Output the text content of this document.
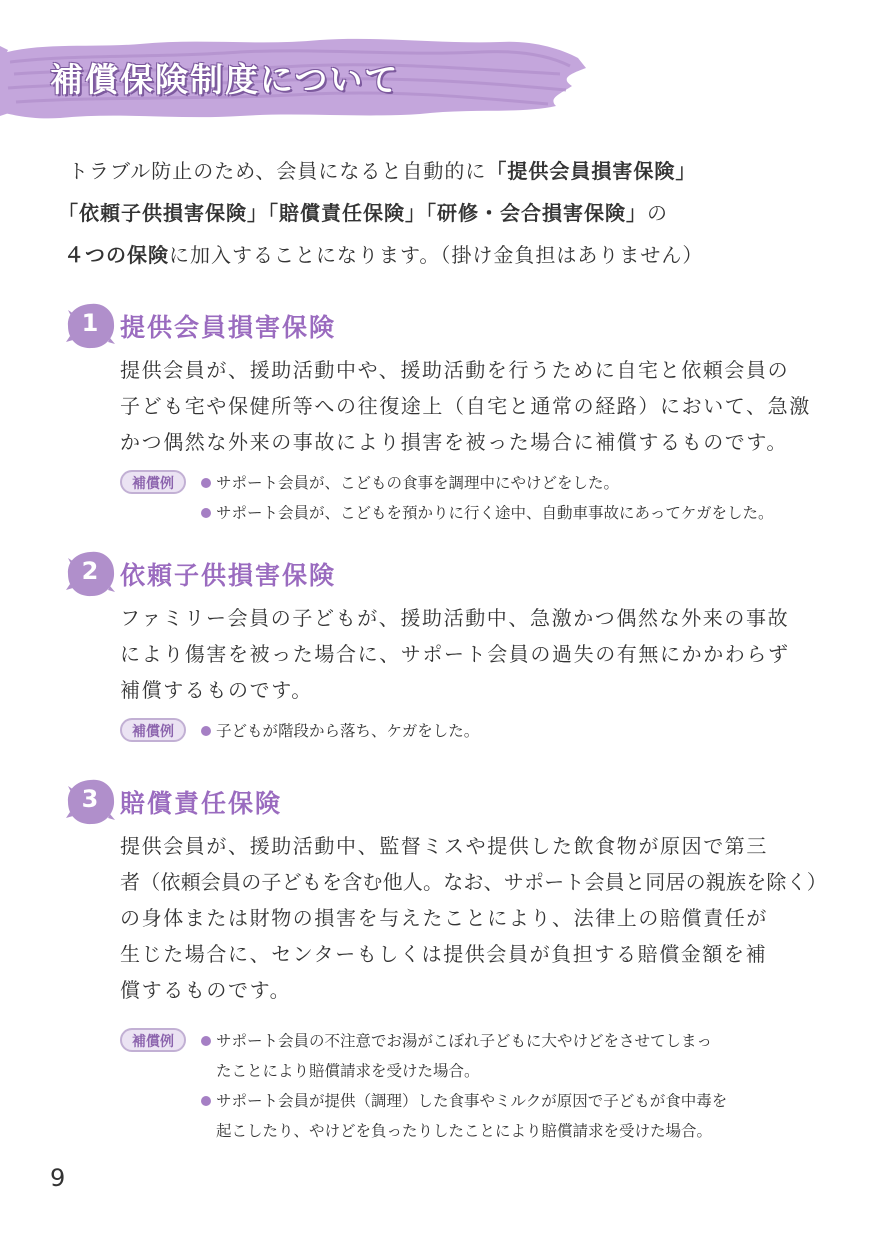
補償保険制度について
トラブル防止のため、会員になると自動的に「提供会員損害保険」
「依頼子供損害保険」「賠償責任保険」「研修・会合損害保険」の
４つの保険に加入することになります。（掛け金負担はありません）
1 提供会員損害保険
提供会員が、援助活動中や、援助活動を行うために自宅と依頼会員の
子ども宅や保健所等への往復途上（自宅と通常の経路）において、急激
かつ偶然な外来の事故により損害を被った場合に補償するものです。
補償例	サポート会員が、こどもの食事を調理中にやけどをした。
サポート会員が、こどもを預かりに行く途中、自動車事故にあってケガをした。
2 依頼子供損害保険
ファミリー会員の子どもが、援助活動中、急激かつ偶然な外来の事故
により傷害を被った場合に、サポート会員の過失の有無にかかわらず
補償するものです。
補償例	子どもが階段から落ち、ケガをした。
3 賠償責任保険
提供会員が、援助活動中、監督ミスや提供した飲食物が原因で第三
者（依頼会員の子どもを含む他人。なお、サポート会員と同居の親族を除く）
の身体または財物の損害を与えたことにより、法律上の賠償責任が
生じた場合に、センターもしくは提供会員が負担する賠償金額を補
償するものです。
補償例	サポート会員の不注意でお湯がこぼれ子どもに大やけどをさせてしまっ
たことにより賠償請求を受けた場合。
サポート会員が提供（調理）した食事やミルクが原因で子どもが食中毒を
起こしたり、やけどを負ったりしたことにより賠償請求を受けた場合。
9
